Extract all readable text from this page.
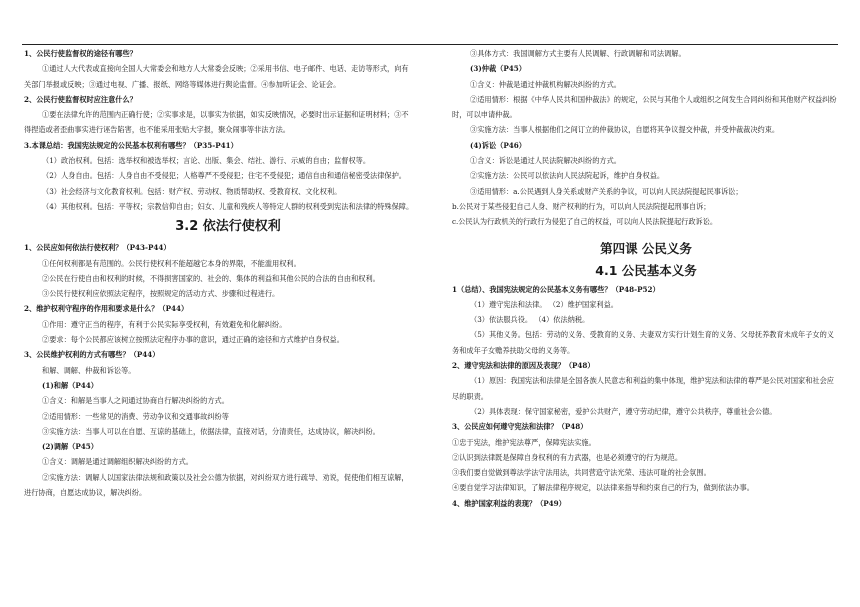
1、公民行使监督权的途径有哪些？
①通过人大代表或直接向全国人大常委会和地方人大常委会反映；②采用书信、电子邮件、电话、走访等形式，向有
关部门举报或反映；③通过电视、广播、报纸、网络等媒体进行舆论监督。④参加听证会、论证会。
2、公民行使监督权时应注意什么？
①要在法律允许的范围内正确行使；②实事求是，以事实为依据，如实反映情况，必要时出示证据和证明材料；③不
得捏造或者歪曲事实进行诬告陷害，也不能采用张贴大字报，聚众闹事等非法方法。
3.本课总结：我国宪法规定的公民基本权利有哪些？（P35-P41）
（1）政治权利。包括：选举权和被选举权；言论、出版、集会、结社、游行、示威的自由；监督权等。
（2）人身自由。包括：人身自由不受侵犯；人格尊严不受侵犯；住宅不受侵犯；通信自由和通信秘密受法律保护。
（3）社会经济与文化教育权利。包括：财产权、劳动权、物质帮助权、受教育权、文化权利。
（4）其他权利。包括：平等权；宗教信仰自由；妇女、儿童和残疾人等特定人群的权利受到宪法和法律的特殊保障。
3.2 依法行使权利
1、公民应如何依法行使权利？（P43-P44）
①任何权利都是有范围的。公民行使权利不能超越它本身的界限，不能滥用权利。
②公民在行使自由和权利的时候，不得损害国家的、社会的、集体的利益和其他公民的合法的自由和权利。
③公民行使权利应依照法定程序，按照规定的活动方式、步骤和过程进行。
2、维护权利守程序的作用和要求是什么？（P44）
①作用：遵守正当的程序，有利于公民实际享受权利，有效避免和化解纠纷。
②要求：每个公民都应该树立按照法定程序办事的意识，通过正确的途径和方式维护自身权益。
3、公民维护权利的方式有哪些？（P44）
和解、调解、仲裁和诉讼等。
(1)和解（P44）
①含义：和解是当事人之间通过协商自行解决纠纷的方式。
②适用情形：一些常见的消费、劳动争议和交通事故纠纷等
③实施方法：当事人可以在自愿、互谅的基础上，依据法律，直接对话，分清责任，达成协议，解决纠纷。
(2)调解（P45）
①含义：调解是通过调解组织解决纠纷的方式。
②实施方法：调解人以国家法律法规和政策以及社会公德为依据，对纠纷双方进行疏导、劝说，促使他们相互谅解，
进行协商，自愿达成协议，解决纠纷。
③具体方式：我国调解方式主要有人民调解、行政调解和司法调解。
(3)仲裁（P45）
①含义：仲裁是通过仲裁机构解决纠纷的方式。
②适用情形：根据《中华人民共和国仲裁法》的规定，公民与其他个人或组织之间发生合同纠纷和其他财产权益纠纷
时，可以申请仲裁。
③实施方法：当事人根据他们之间订立的仲裁协议，自愿将其争议提交仲裁，并受仲裁裁决约束。
(4)诉讼（P46）
①含义：诉讼是通过人民法院解决纠纷的方式。
②实施方法：公民可以依法向人民法院起诉，维护自身权益。
③适用情形：a.公民遇到人身关系或财产关系的争议，可以向人民法院提起民事诉讼；
b.公民对于某些侵犯自己人身、财产权利的行为，可以向人民法院提起刑事自诉；
c.公民认为行政机关的行政行为侵犯了自己的权益，可以向人民法院提起行政诉讼。
第四课 公民义务
4.1 公民基本义务
1（总结）、我国宪法规定的公民基本义务有哪些？（P48-P52）
（1）遵守宪法和法律。 （2）维护国家利益。
（3）依法服兵役。 （4）依法纳税。
（5）其他义务。包括：劳动的义务、受教育的义务、夫妻双方实行计划生育的义务、父母抚养教育未成年子女的义
务和成年子女赡养扶助父母的义务等。
2、遵守宪法和法律的原因及表现？（P48）
（1）原因：我国宪法和法律是全国各族人民意志和利益的集中体现，维护宪法和法律的尊严是公民对国家和社会应
尽的职责。
（2）具体表现：保守国家秘密，爱护公共财产，遵守劳动纪律，遵守公共秩序，尊重社会公德。
3、公民应如何遵守宪法和法律？（P48）
①忠于宪法，维护宪法尊严，保障宪法实施。
②认识到法律既是保障自身权利的有力武器，也是必须遵守的行为规范。
③我们要自觉做到尊法学法守法用法，共同营造守法光荣、违法可耻的社会氛围。
④要自觉学习法律知识，了解法律程序规定，以法律来指导和约束自己的行为，做到依法办事。
4、维护国家利益的表现？（P49）
